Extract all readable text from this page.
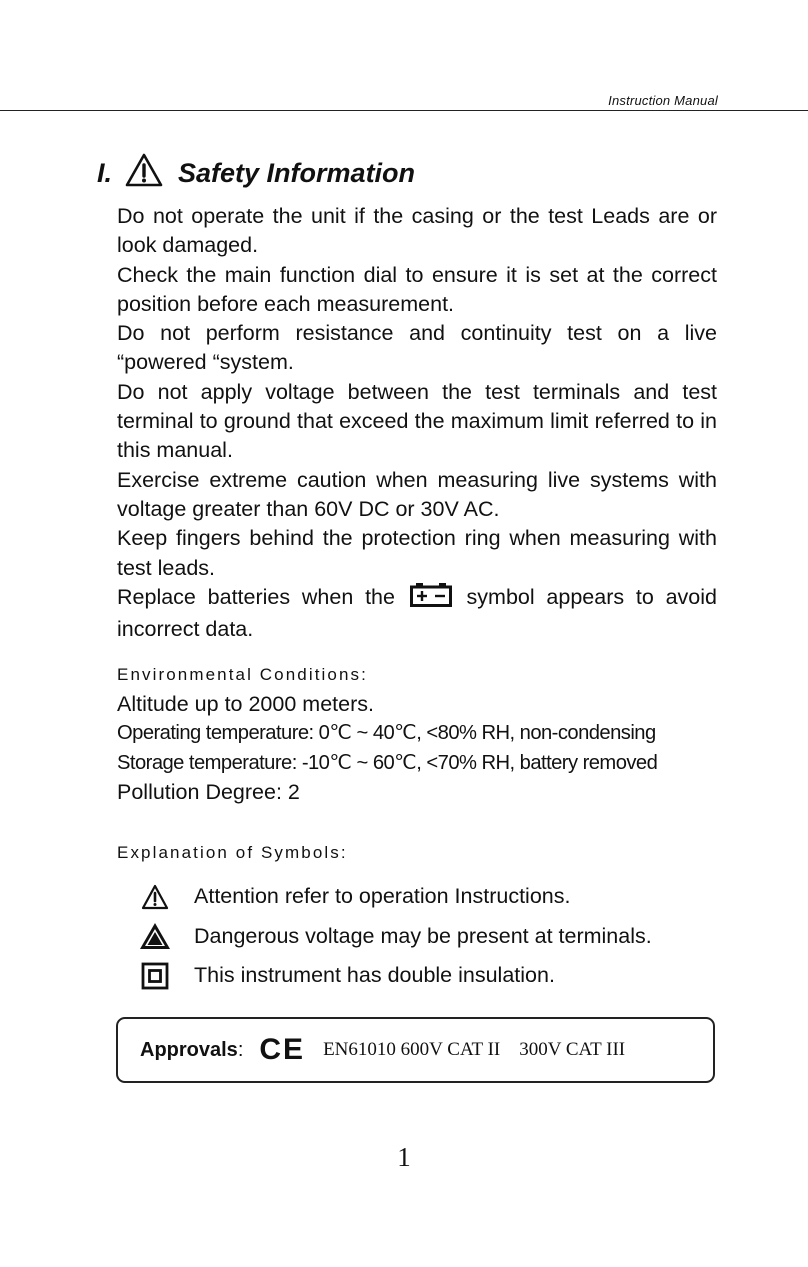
Instruction Manual
I. Safety Information

Do not operate the unit if the casing or the test Leads are or look damaged.

Check the main function dial to ensure it is set at the correct position before each measurement.

Do not perform resistance and continuity test on a live “powered “system.

Do not apply voltage between the test terminals and test terminal to ground that exceed the maximum limit referred to in this manual.

Exercise extreme caution when measuring live systems with voltage greater than 60V DC or 30V AC.

Keep fingers behind the protection ring when measuring with test leads.

Replace batteries when the	symbol appears to avoid incorrect data.

Environmental Conditions:

Altitude up to 2000 meters.

Operating temperature: 0℃ ~ 40℃, <80% RH, non-condensing

Storage temperature: -10℃ ~ 60℃, <70% RH, battery removed

Pollution Degree: 2

Explanation of Symbols:

Attention refer to operation Instructions.
Dangerous voltage may be present at terminals.
This instrument has double insulation.
Approvals : CE EN61010 600V CAT II    300V CAT III
1
